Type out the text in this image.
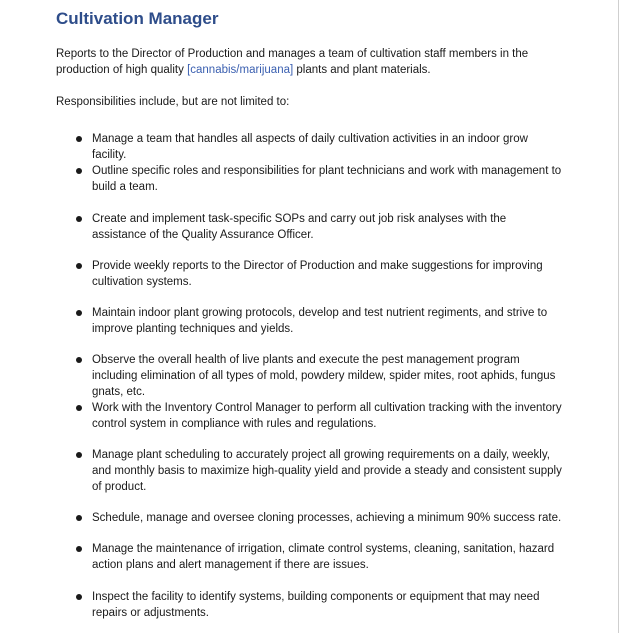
Cultivation Manager

Reports to the Director of Production and manages a team of cultivation staff members in the production of high quality [cannabis/marijuana] plants and plant materials.

Responsibilities include, but are not limited to:

Manage a team that handles all aspects of daily cultivation activities in an indoor grow facility.
Outline specific roles and responsibilities for plant technicians and work with management to build a team.
Create and implement task-specific SOPs and carry out job risk analyses with the assistance of the Quality Assurance Officer.
Provide weekly reports to the Director of Production and make suggestions for improving cultivation systems.
Maintain indoor plant growing protocols, develop and test nutrient regiments, and strive to improve planting techniques and yields.
Observe the overall health of live plants and execute the pest management program including elimination of all types of mold, powdery mildew, spider mites, root aphids, fungus gnats, etc.
Work with the Inventory Control Manager to perform all cultivation tracking with the inventory control system in compliance with rules and regulations.
Manage plant scheduling to accurately project all growing requirements on a daily, weekly, and monthly basis to maximize high-quality yield and provide a steady and consistent supply of product.
Schedule, manage and oversee cloning processes, achieving a minimum 90% success rate.
Manage the maintenance of irrigation, climate control systems, cleaning, sanitation, hazard action plans and alert management if there are issues.
Inspect the facility to identify systems, building components or equipment that may need repairs or adjustments.
